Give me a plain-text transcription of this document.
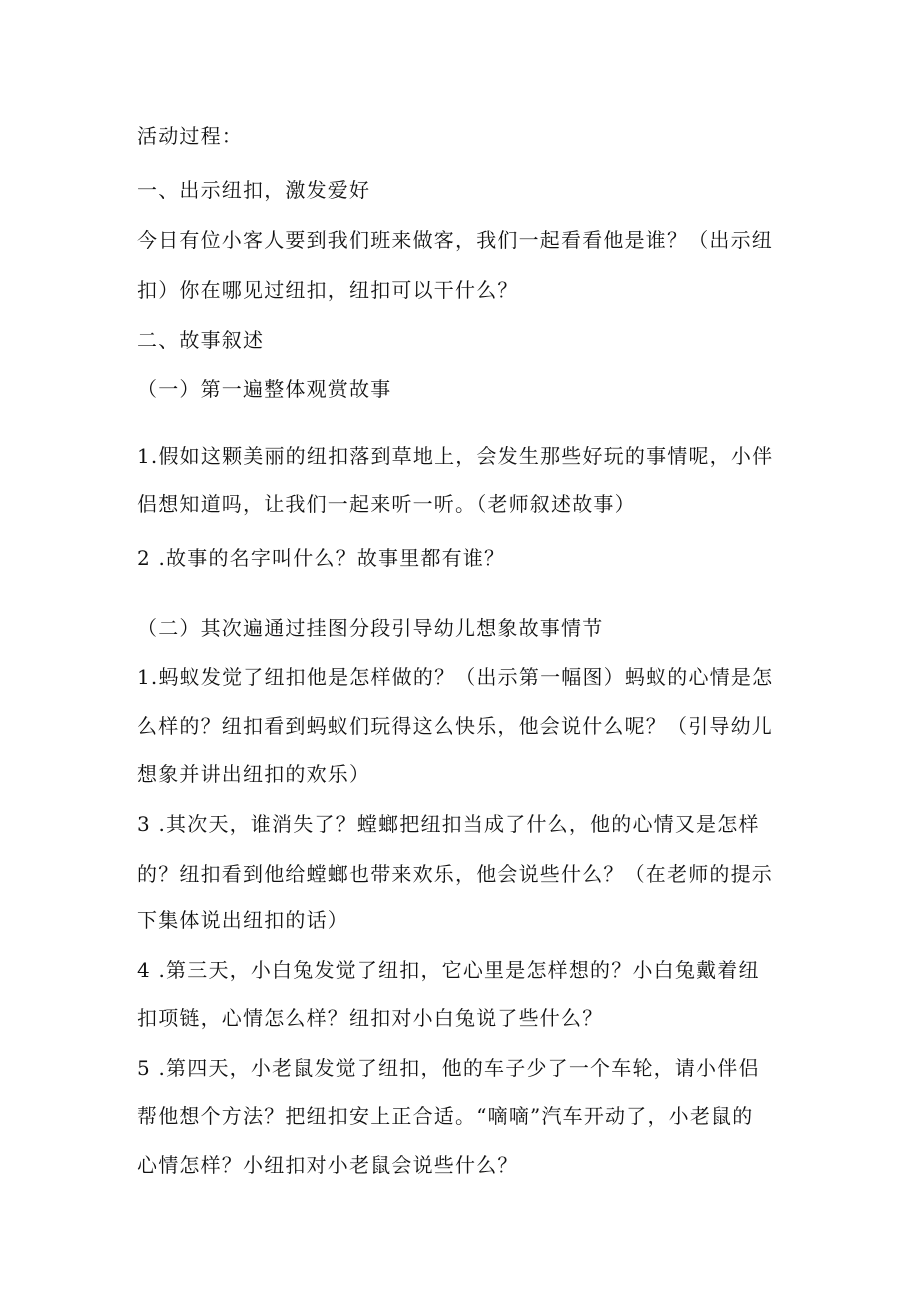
活动过程：
一、出示纽扣，激发爱好
今日有位小客人要到我们班来做客，我们一起看看他是谁？（出示纽
扣）你在哪见过纽扣，纽扣可以干什么？
二、故事叙述
（一）第一遍整体观赏故事
1.假如这颗美丽的纽扣落到草地上，会发生那些好玩的事情呢，小伴
侣想知道吗，让我们一起来听一听。（老师叙述故事）
2 .故事的名字叫什么？故事里都有谁？
（二）其次遍通过挂图分段引导幼儿想象故事情节
1.蚂蚁发觉了纽扣他是怎样做的？（出示第一幅图）蚂蚁的心情是怎
么样的？纽扣看到蚂蚁们玩得这么快乐，他会说什么呢？（引导幼儿
想象并讲出纽扣的欢乐）
3 .其次天，谁消失了？螳螂把纽扣当成了什么，他的心情又是怎样
的？纽扣看到他给螳螂也带来欢乐，他会说些什么？（在老师的提示
下集体说出纽扣的话）
4 .第三天，小白兔发觉了纽扣，它心里是怎样想的？小白兔戴着纽
扣项链，心情怎么样？纽扣对小白兔说了些什么？
5 .第四天，小老鼠发觉了纽扣，他的车子少了一个车轮，请小伴侣
帮他想个方法？把纽扣安上正合适。“嘀嘀”汽车开动了，小老鼠的
心情怎样？小纽扣对小老鼠会说些什么？
